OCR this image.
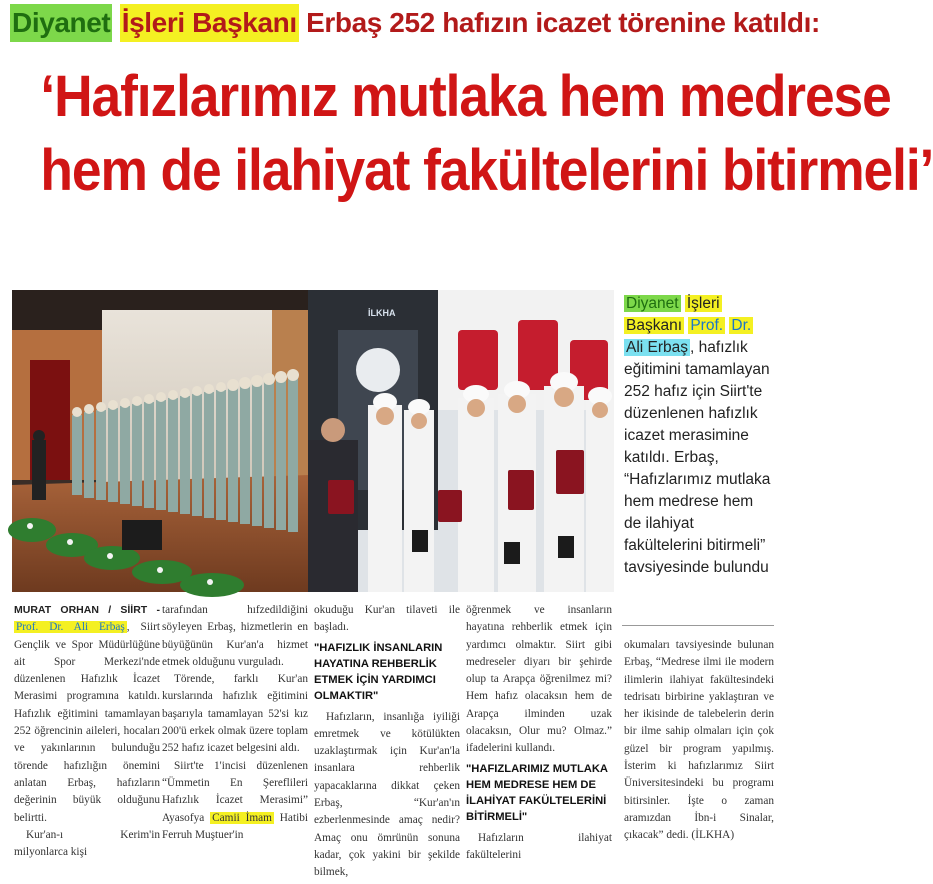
Diyanet İşleri Başkanı Erbaş 252 hafızın icazet törenine katıldı:
‘Hafızlarımız mutlaka hem medrese
hem de ilahiyat fakültelerini bitirmeli’
İLKHA
Diyanet İşleri Başkanı Prof. Dr. Ali Erbaş , hafızlık eğitimini tamamlayan 252 hafız için Siirt'te düzenlenen hafızlık icazet merasimine katıldı. Erbaş, “Hafızlarımız mutlaka hem medrese hem de ilahiyat fakültelerini bitirmeli” tavsiyesinde bulundu

MURAT ORHAN / SİİRT - Prof. Dr. Ali Erbaş , Siirt Gençlik ve Spor Müdürlüğüne ait Spor Merkezi'nde düzenlenen Hafızlık İcazet Merasimi programına katıldı. Hafızlık eğitimini tamamlayan 252 öğrencinin aileleri, hocaları ve yakınlarının bulunduğu törende hafızlığın önemini anlatan Erbaş, hafızların değerinin büyük olduğunu belirtti.

Kur'an-ı Kerim'in milyonlarca kişi

tarafından hıfzedildiğini söyleyen Erbaş, hizmetlerin en büyüğünün Kur'an'a hizmet etmek olduğunu vurguladı.

Törende, farklı Kur'an kurslarında hafızlık eğitimini başarıyla tamamlayan 52'si kız 200'ü erkek olmak üzere toplam 252 hafız icazet belgesini aldı.

Siirt'te 1'incisi düzenlenen “Ümmetin En Şereflileri Hafızlık İcazet Merasimi” Ayasofya Camii İmam Hatibi Ferruh Muştuer'in

okuduğu Kur'an tilaveti ile başladı.

"HAFIZLIK İNSANLARIN HAYATINA REHBERLİK ETMEK İÇİN YARDIMCI OLMAKTIR"

Hafızların, insanlığa iyiliği emretmek ve kötülükten uzaklaştırmak için Kur'an'la insanlara rehberlik yapacaklarına dikkat çeken Erbaş, “Kur'an'ın ezberlenmesinde amaç nedir? Amaç onu ömrünün sonuna kadar, çok yakini bir şekilde bilmek,

öğrenmek ve insanların hayatına rehberlik etmek için yardımcı olmaktır. Siirt gibi medreseler diyarı bir şehirde olup ta Arapça öğrenilmez mi? Hem hafız olacaksın hem de Arapça ilminden uzak olacaksın, Olur mu? Olmaz.” ifadelerini kullandı.

"HAFIZLARIMIZ MUTLAKA HEM MEDRESE HEM DE İLAHİYAT FAKÜLTELERİNİ BİTİRMELİ"

Hafızların ilahiyat fakültelerini

okumaları tavsiyesinde bulunan Erbaş, “Medrese ilmi ile modern ilimlerin ilahiyat fakültesindeki tedrisatı birbirine yaklaştıran ve her ikisinde de talebelerin derin bir ilme sahip olmaları için çok güzel bir program yapılmış. İsterim ki hafızlarımız Siirt Üniversitesindeki bu programı bitirsinler. İşte o zaman aramızdan İbn-i Sinalar, çıkacak” dedi. (İLKHA)
